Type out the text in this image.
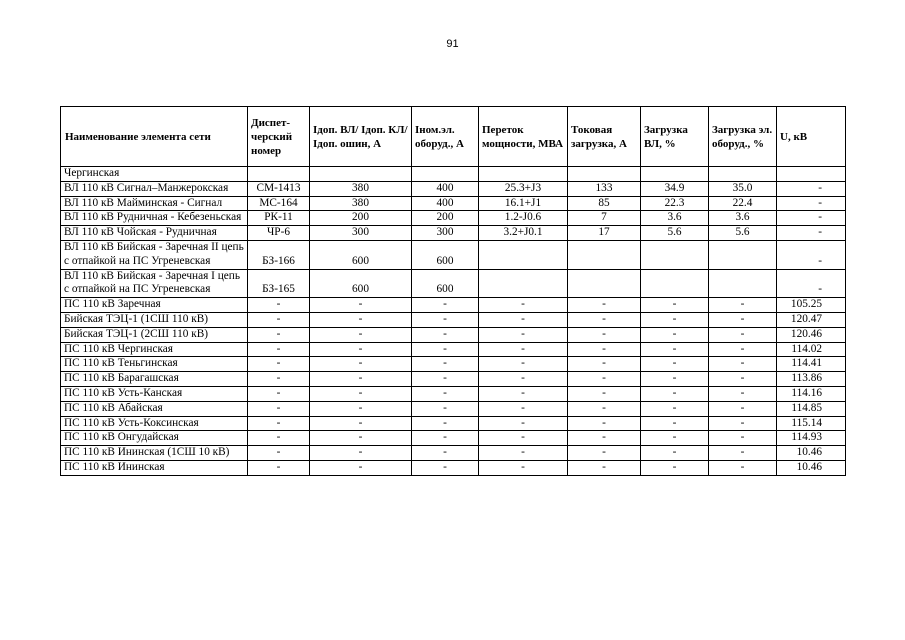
91
Наименование элемента сети	Диспет-черский номер	Iдоп. ВЛ/ Iдоп. КЛ/ Iдоп. ошин, А	Iном.эл. оборуд., А	Переток мощности, МВА	Токовая загрузка, А	Загрузка ВЛ, %	Загрузка эл. оборуд., %	U, кВ
Чергинская								
ВЛ 110 кВ Сигнал–Манжерокская	СМ-1413	380	400	25.3+J3	133	34.9	35.0	-
ВЛ 110 кВ Майминская - Сигнал	МС-164	380	400	16.1+J1	85	22.3	22.4	-
ВЛ 110 кВ Рудничная - Кебезеньская	РК-11	200	200	1.2-J0.6	7	3.6	3.6	-
ВЛ 110 кВ Чойская - Рудничная	ЧР-6	300	300	3.2+J0.1	17	5.6	5.6	-
ВЛ 110 кВ Бийская - Заречная II цепь с отпайкой на ПС Угреневская	БЗ-166	600	600					-
ВЛ 110 кВ Бийская - Заречная I цепь с отпайкой на ПС Угреневская	БЗ-165	600	600					-
ПС 110 кВ Заречная	-	-	-	-	-	-	-	105.25
Бийская ТЭЦ-1 (1СШ 110 кВ)	-	-	-	-	-	-	-	120.47
Бийская ТЭЦ-1 (2СШ 110 кВ)	-	-	-	-	-	-	-	120.46
ПС 110 кВ Чергинская	-	-	-	-	-	-	-	114.02
ПС 110 кВ Теньгинская	-	-	-	-	-	-	-	114.41
ПС 110 кВ Барагашская	-	-	-	-	-	-	-	113.86
ПС 110 кВ Усть-Канская	-	-	-	-	-	-	-	114.16
ПС 110 кВ Абайская	-	-	-	-	-	-	-	114.85
ПС 110 кВ Усть-Коксинская	-	-	-	-	-	-	-	115.14
ПС 110 кВ Онгудайская	-	-	-	-	-	-	-	114.93
ПС 110 кВ Ининская (1СШ 10 кВ)	-	-	-	-	-	-	-	10.46
ПС 110 кВ Ининская	-	-	-	-	-	-	-	10.46
